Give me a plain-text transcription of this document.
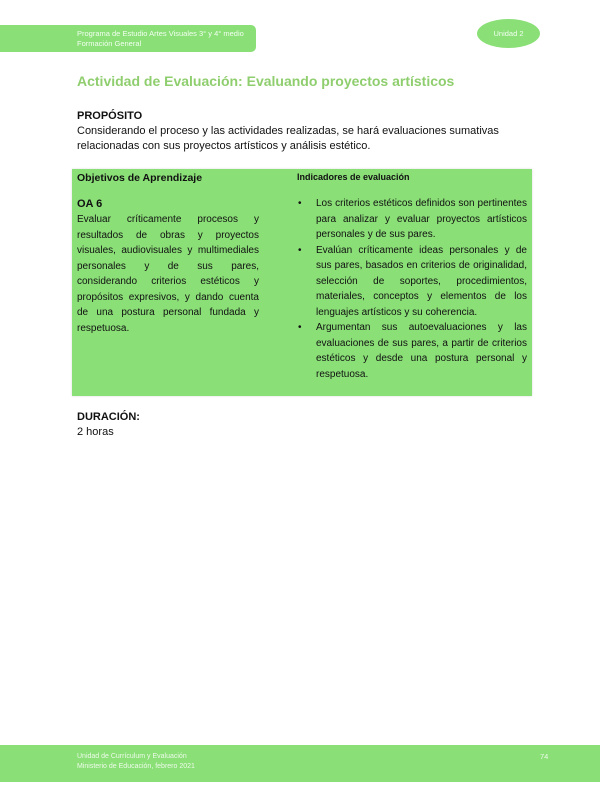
Programa de Estudio Artes Visuales 3° y 4° medio
Formación General
Unidad 2
Actividad de Evaluación: Evaluando proyectos artísticos
PROPÓSITO
Considerando el proceso y las actividades realizadas, se hará evaluaciones sumativas relacionadas con sus proyectos artísticos y análisis estético.
Objetivos de Aprendizaje	Indicadores de evaluación
OA 6
Evaluar críticamente procesos y resultados de obras y proyectos visuales, audiovisuales y multimediales personales y de sus pares, considerando criterios estéticos y propósitos expresivos, y dando cuenta de una postura personal fundada y respetuosa.
• Los criterios estéticos definidos son pertinentes para analizar y evaluar proyectos artísticos personales y de sus pares.
• Evalúan críticamente ideas personales y de sus pares, basados en criterios de originalidad, selección de soportes, procedimientos, materiales, conceptos y elementos de los lenguajes artísticos y su coherencia.
• Argumentan sus autoevaluaciones y las evaluaciones de sus pares, a partir de criterios estéticos y desde una postura personal y respetuosa.
DURACIÓN:
2 horas
Unidad de Currículum y Evaluación
Ministerio de Educación, febrero 2021
74
